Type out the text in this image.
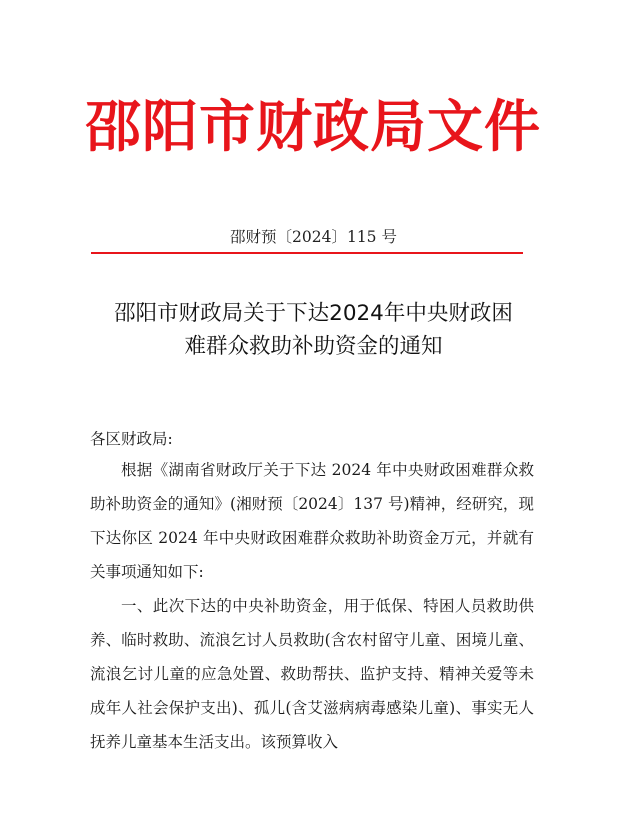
邵阳市财政局文件
邵财预〔2024〕115 号
邵阳市财政局关于下达2024年中央财政困
难群众救助补助资金的通知
各区财政局:

根据《湖南省财政厅关于下达 2024 年中央财政困难群众救助补助资金的通知》(湘财预〔2024〕137 号)精神，经研究，现下达你区 2024 年中央财政困难群众救助补助资金万元，并就有关事项通知如下:

一、此次下达的中央补助资金，用于低保、特困人员救助供养、临时救助、流浪乞讨人员救助(含农村留守儿童、困境儿童、流浪乞讨儿童的应急处置、救助帮扶、监护支持、精神关爱等未成年人社会保护支出)、孤儿(含艾滋病病毒感染儿童)、事实无人抚养儿童基本生活支出。该预算收入
